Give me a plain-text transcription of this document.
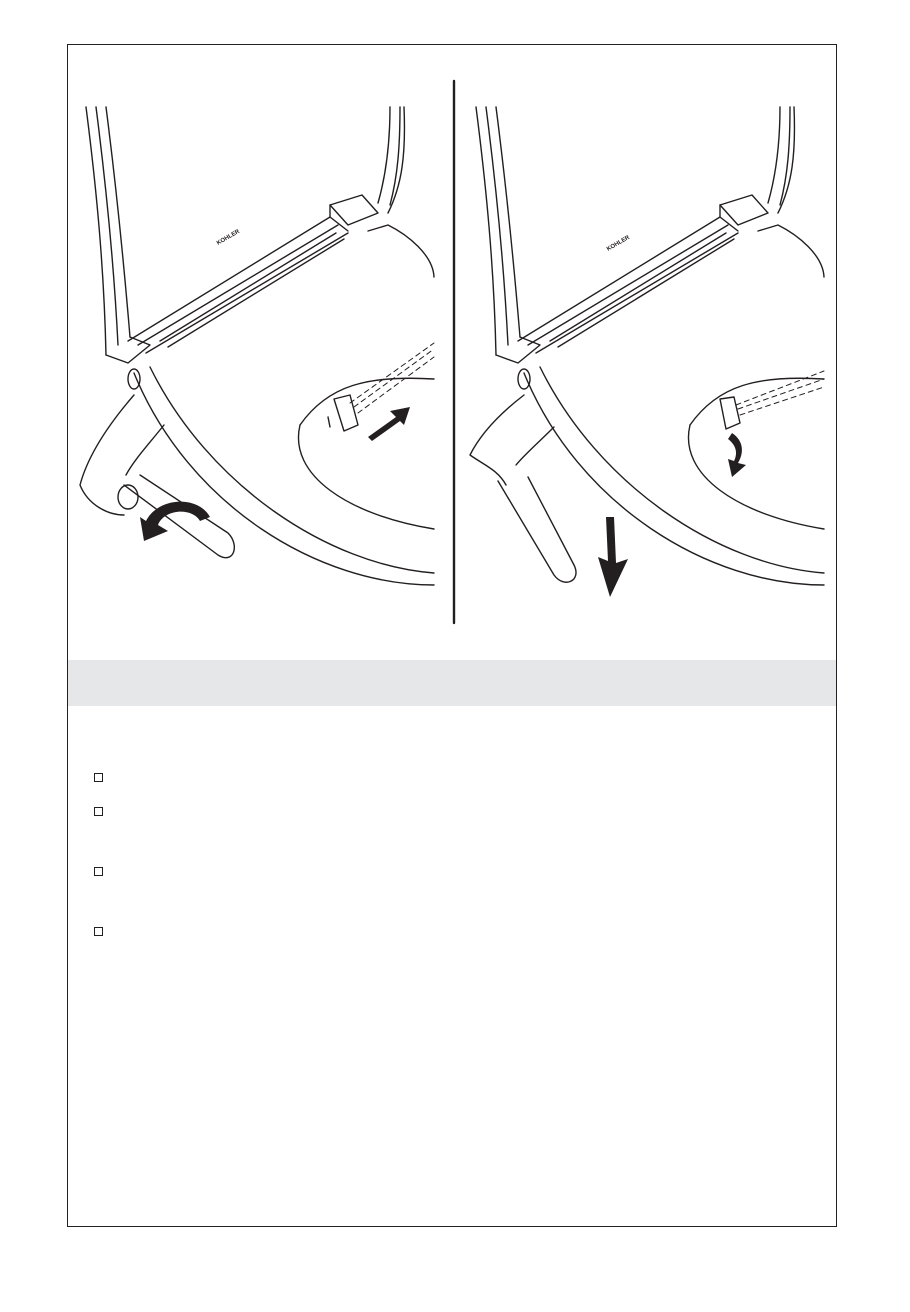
KOHLER	KOHLER
